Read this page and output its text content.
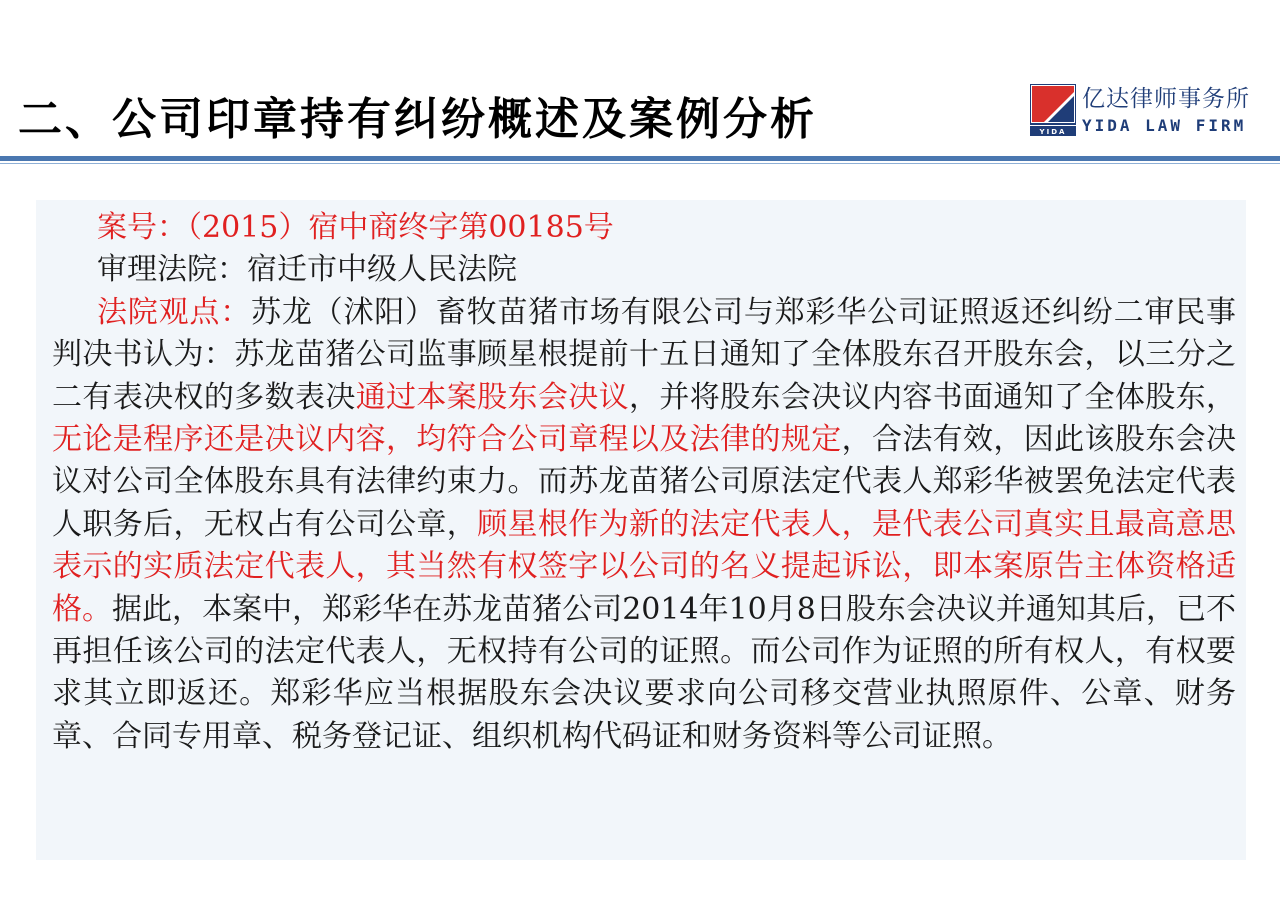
二、公司印章持有纠纷概述及案例分析	YIDA
亿达律师事务所
YIDA LAW FIRM

案号：（2015）宿中商终字第00185号

审理法院：宿迁市中级人民法院

法院观点：苏龙（沭阳）畜牧苗猪市场有限公司与郑彩华公司证照返还纠纷二审民事判决书认为：苏龙苗猪公司监事顾星根提前十五日通知了全体股东召开股东会，以三分之二有表决权的多数表决通过本案股东会决议，并将股东会决议内容书面通知了全体股东，无论是程序还是决议内容，均符合公司章程以及法律的规定，合法有效，因此该股东会决议对公司全体股东具有法律约束力。而苏龙苗猪公司原法定代表人郑彩华被罢免法定代表人职务后，无权占有公司公章，顾星根作为新的法定代表人，是代表公司真实且最高意思表示的实质法定代表人，其当然有权签字以公司的名义提起诉讼，即本案原告主体资格适格。据此，本案中，郑彩华在苏龙苗猪公司2014年10月8日股东会决议并通知其后，已不再担任该公司的法定代表人，无权持有公司的证照。而公司作为证照的所有权人，有权要求其立即返还。郑彩华应当根据股东会决议要求向公司移交营业执照原件、公章、财务章、合同专用章、税务登记证、组织机构代码证和财务资料等公司证照。
